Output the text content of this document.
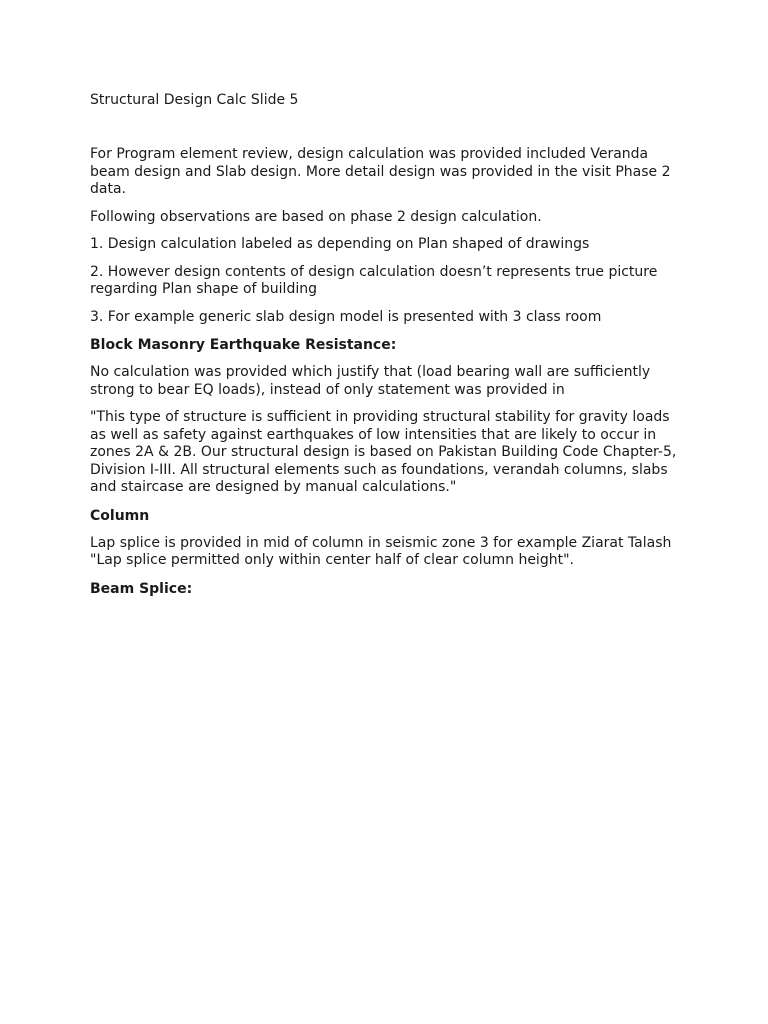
Structural Design Calc Slide 5

For Program element review, design calculation was provided included Veranda beam design and Slab design. More detail design was provided in the visit Phase 2 data.

Following observations are based on phase 2 design calculation.

1. Design calculation labeled as depending on Plan shaped of drawings

2. However design contents of design calculation doesn’t represents true picture regarding Plan shape of building

3. For example generic slab design model is presented with 3 class room

Block Masonry Earthquake Resistance:

No calculation was provided which justify that (load bearing wall are sufficiently strong to bear EQ loads), instead of only statement was provided in

"This type of structure is sufficient in providing structural stability for gravity loads as well as safety against earthquakes of low intensities that are likely to occur in zones 2A & 2B. Our structural design is based on Pakistan Building Code Chapter-5, Division I-III. All structural elements such as foundations, verandah columns, slabs and staircase are designed by manual calculations."

Column

Lap splice is provided in mid of column in seismic zone 3 for example Ziarat Talash "Lap splice permitted only within center half of clear column height".

Beam Splice:
